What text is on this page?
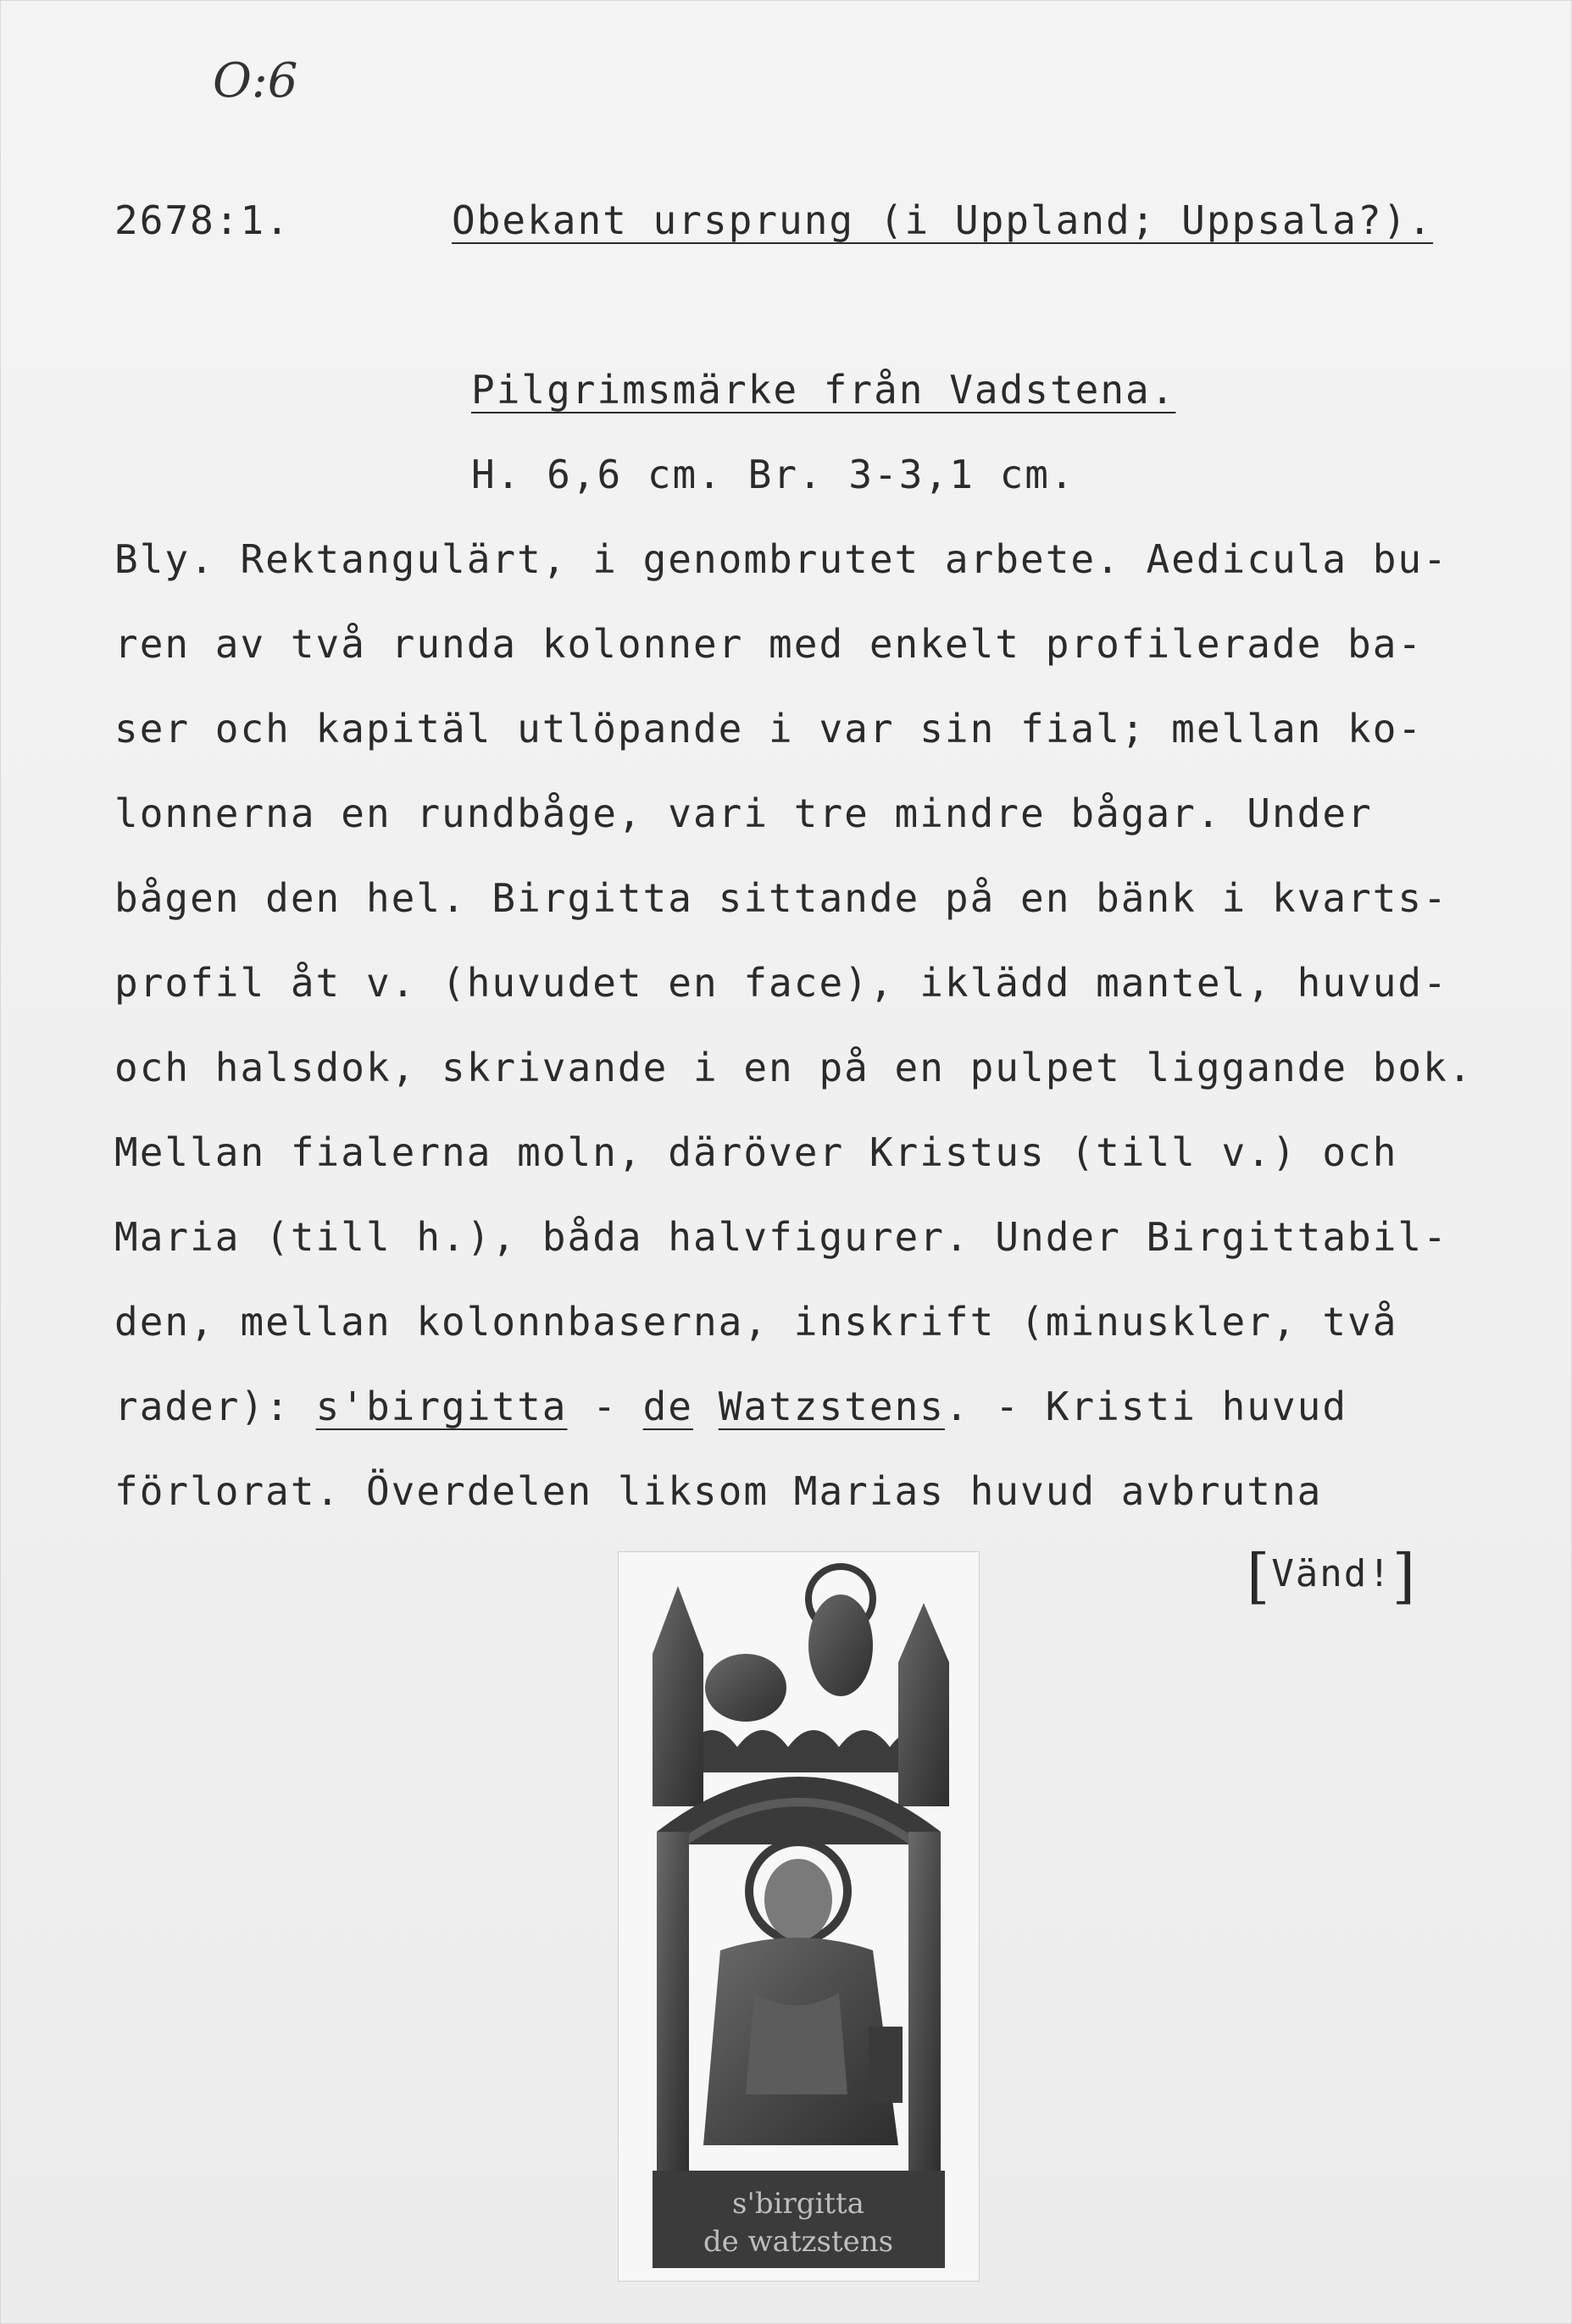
O:6
2678:1.	Obekant ursprung (i Uppland; Uppsala?).
Pilgrimsmärke från Vadstena.
H. 6,6 cm. Br. 3-3,1 cm.
Bly. Rektangulärt, i genombrutet arbete. Aedicula bu-
ren av två runda kolonner med enkelt profilerade ba-
ser och kapitäl utlöpande i var sin fial; mellan ko-
lonnerna en rundbåge, vari tre mindre bågar. Under
bågen den hel. Birgitta sittande på en bänk i kvarts-
profil åt v. (huvudet en face), iklädd mantel, huvud-
och halsdok, skrivande i en på en pulpet liggande bok.
Mellan fialerna moln, däröver Kristus (till v.) och
Maria (till h.), båda halvfigurer. Under Birgittabil-
den, mellan kolonnbaserna, inskrift (minuskler, två
rader): s'birgitta - de Watzstens. - Kristi huvud
förlorat. Överdelen liksom Marias huvud avbrutna
[Vänd!]
s'birgitta
de watzstens
